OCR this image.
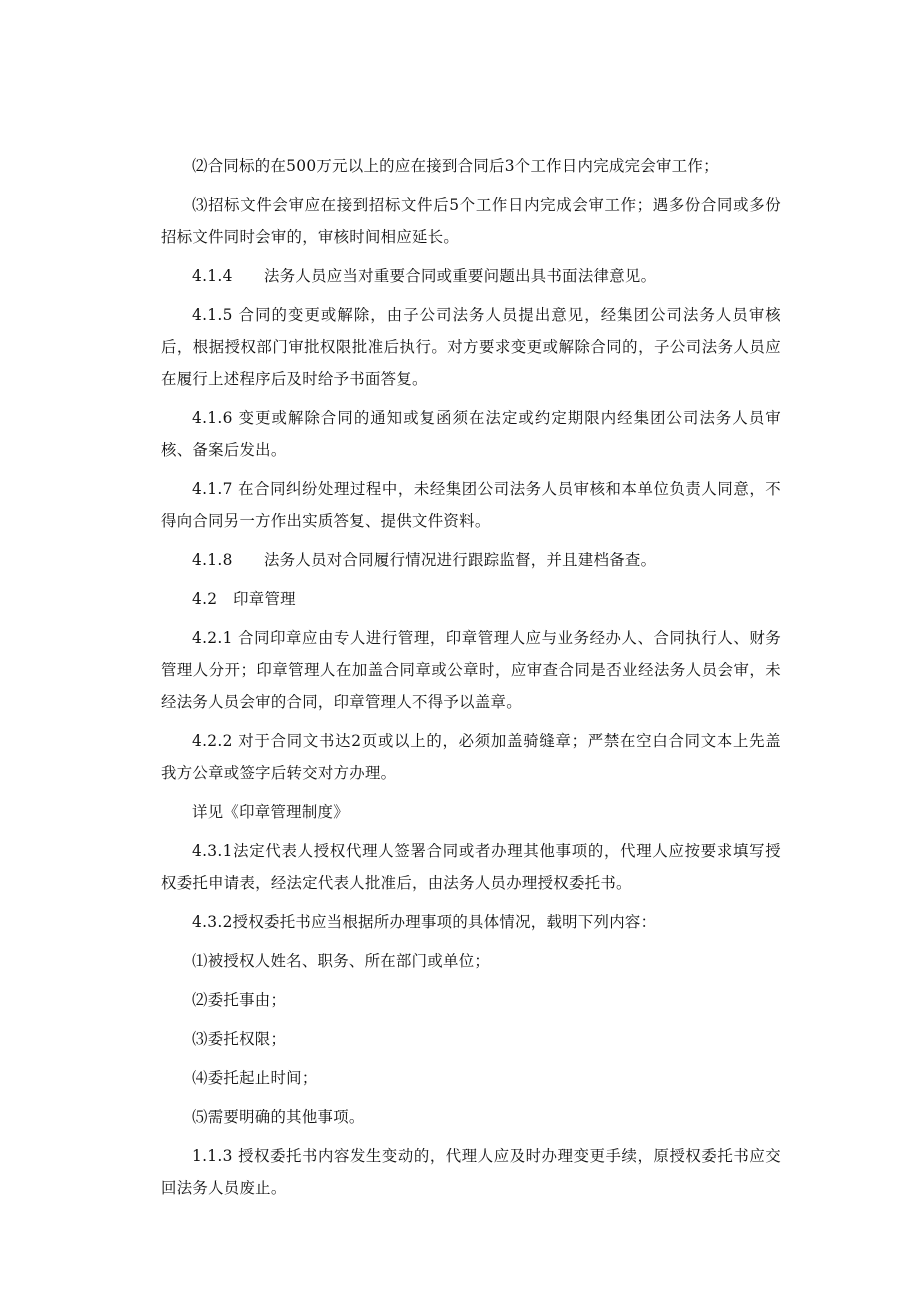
⑵合同标的在500万元以上的应在接到合同后3个工作日内完成完会审工作；

⑶招标文件会审应在接到招标文件后5个工作日内完成会审工作；遇多份合同或多份招标文件同时会审的，审核时间相应延长。

4.1.4　　法务人员应当对重要合同或重要问题出具书面法律意见。

4.1.5 合同的变更或解除，由子公司法务人员提出意见，经集团公司法务人员审核后，根据授权部门审批权限批准后执行。对方要求变更或解除合同的，子公司法务人员应在履行上述程序后及时给予书面答复。

4.1.6 变更或解除合同的通知或复函须在法定或约定期限内经集团公司法务人员审核、备案后发出。

4.1.7 在合同纠纷处理过程中，未经集团公司法务人员审核和本单位负责人同意，不得向合同另一方作出实质答复、提供文件资料。

4.1.8　　法务人员对合同履行情况进行跟踪监督，并且建档备查。

4.2　印章管理

4.2.1 合同印章应由专人进行管理，印章管理人应与业务经办人、合同执行人、财务管理人分开；印章管理人在加盖合同章或公章时，应审查合同是否业经法务人员会审，未经法务人员会审的合同，印章管理人不得予以盖章。

4.2.2 对于合同文书达2页或以上的，必须加盖骑缝章；严禁在空白合同文本上先盖我方公章或签字后转交对方办理。

详见《印章管理制度》

4.3.1法定代表人授权代理人签署合同或者办理其他事项的，代理人应按要求填写授权委托申请表，经法定代表人批准后，由法务人员办理授权委托书。

4.3.2授权委托书应当根据所办理事项的具体情况，载明下列内容：

⑴被授权人姓名、职务、所在部门或单位；

⑵委托事由；

⑶委托权限；

⑷委托起止时间；

⑸需要明确的其他事项。

1.1.3 授权委托书内容发生变动的，代理人应及时办理变更手续，原授权委托书应交回法务人员废止。
